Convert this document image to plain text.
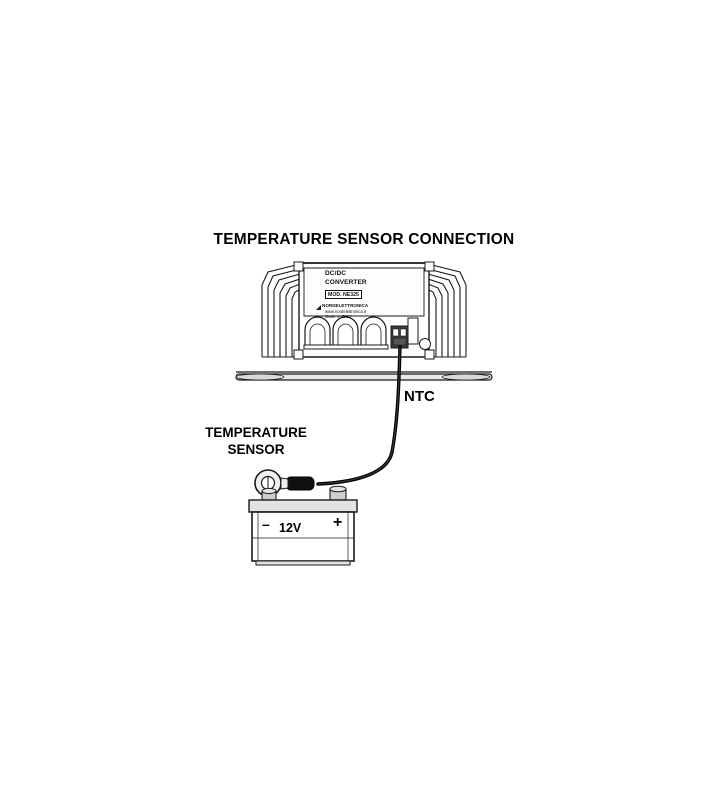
TEMPERATURE SENSOR CONNECTION
NTC
TEMPERATURE
SENSOR
DC/DC
CONVERTER
MOD. NE325
NORDELETTRONICA
www.nordelettronica.it
Made in ITALY
– 12V +
